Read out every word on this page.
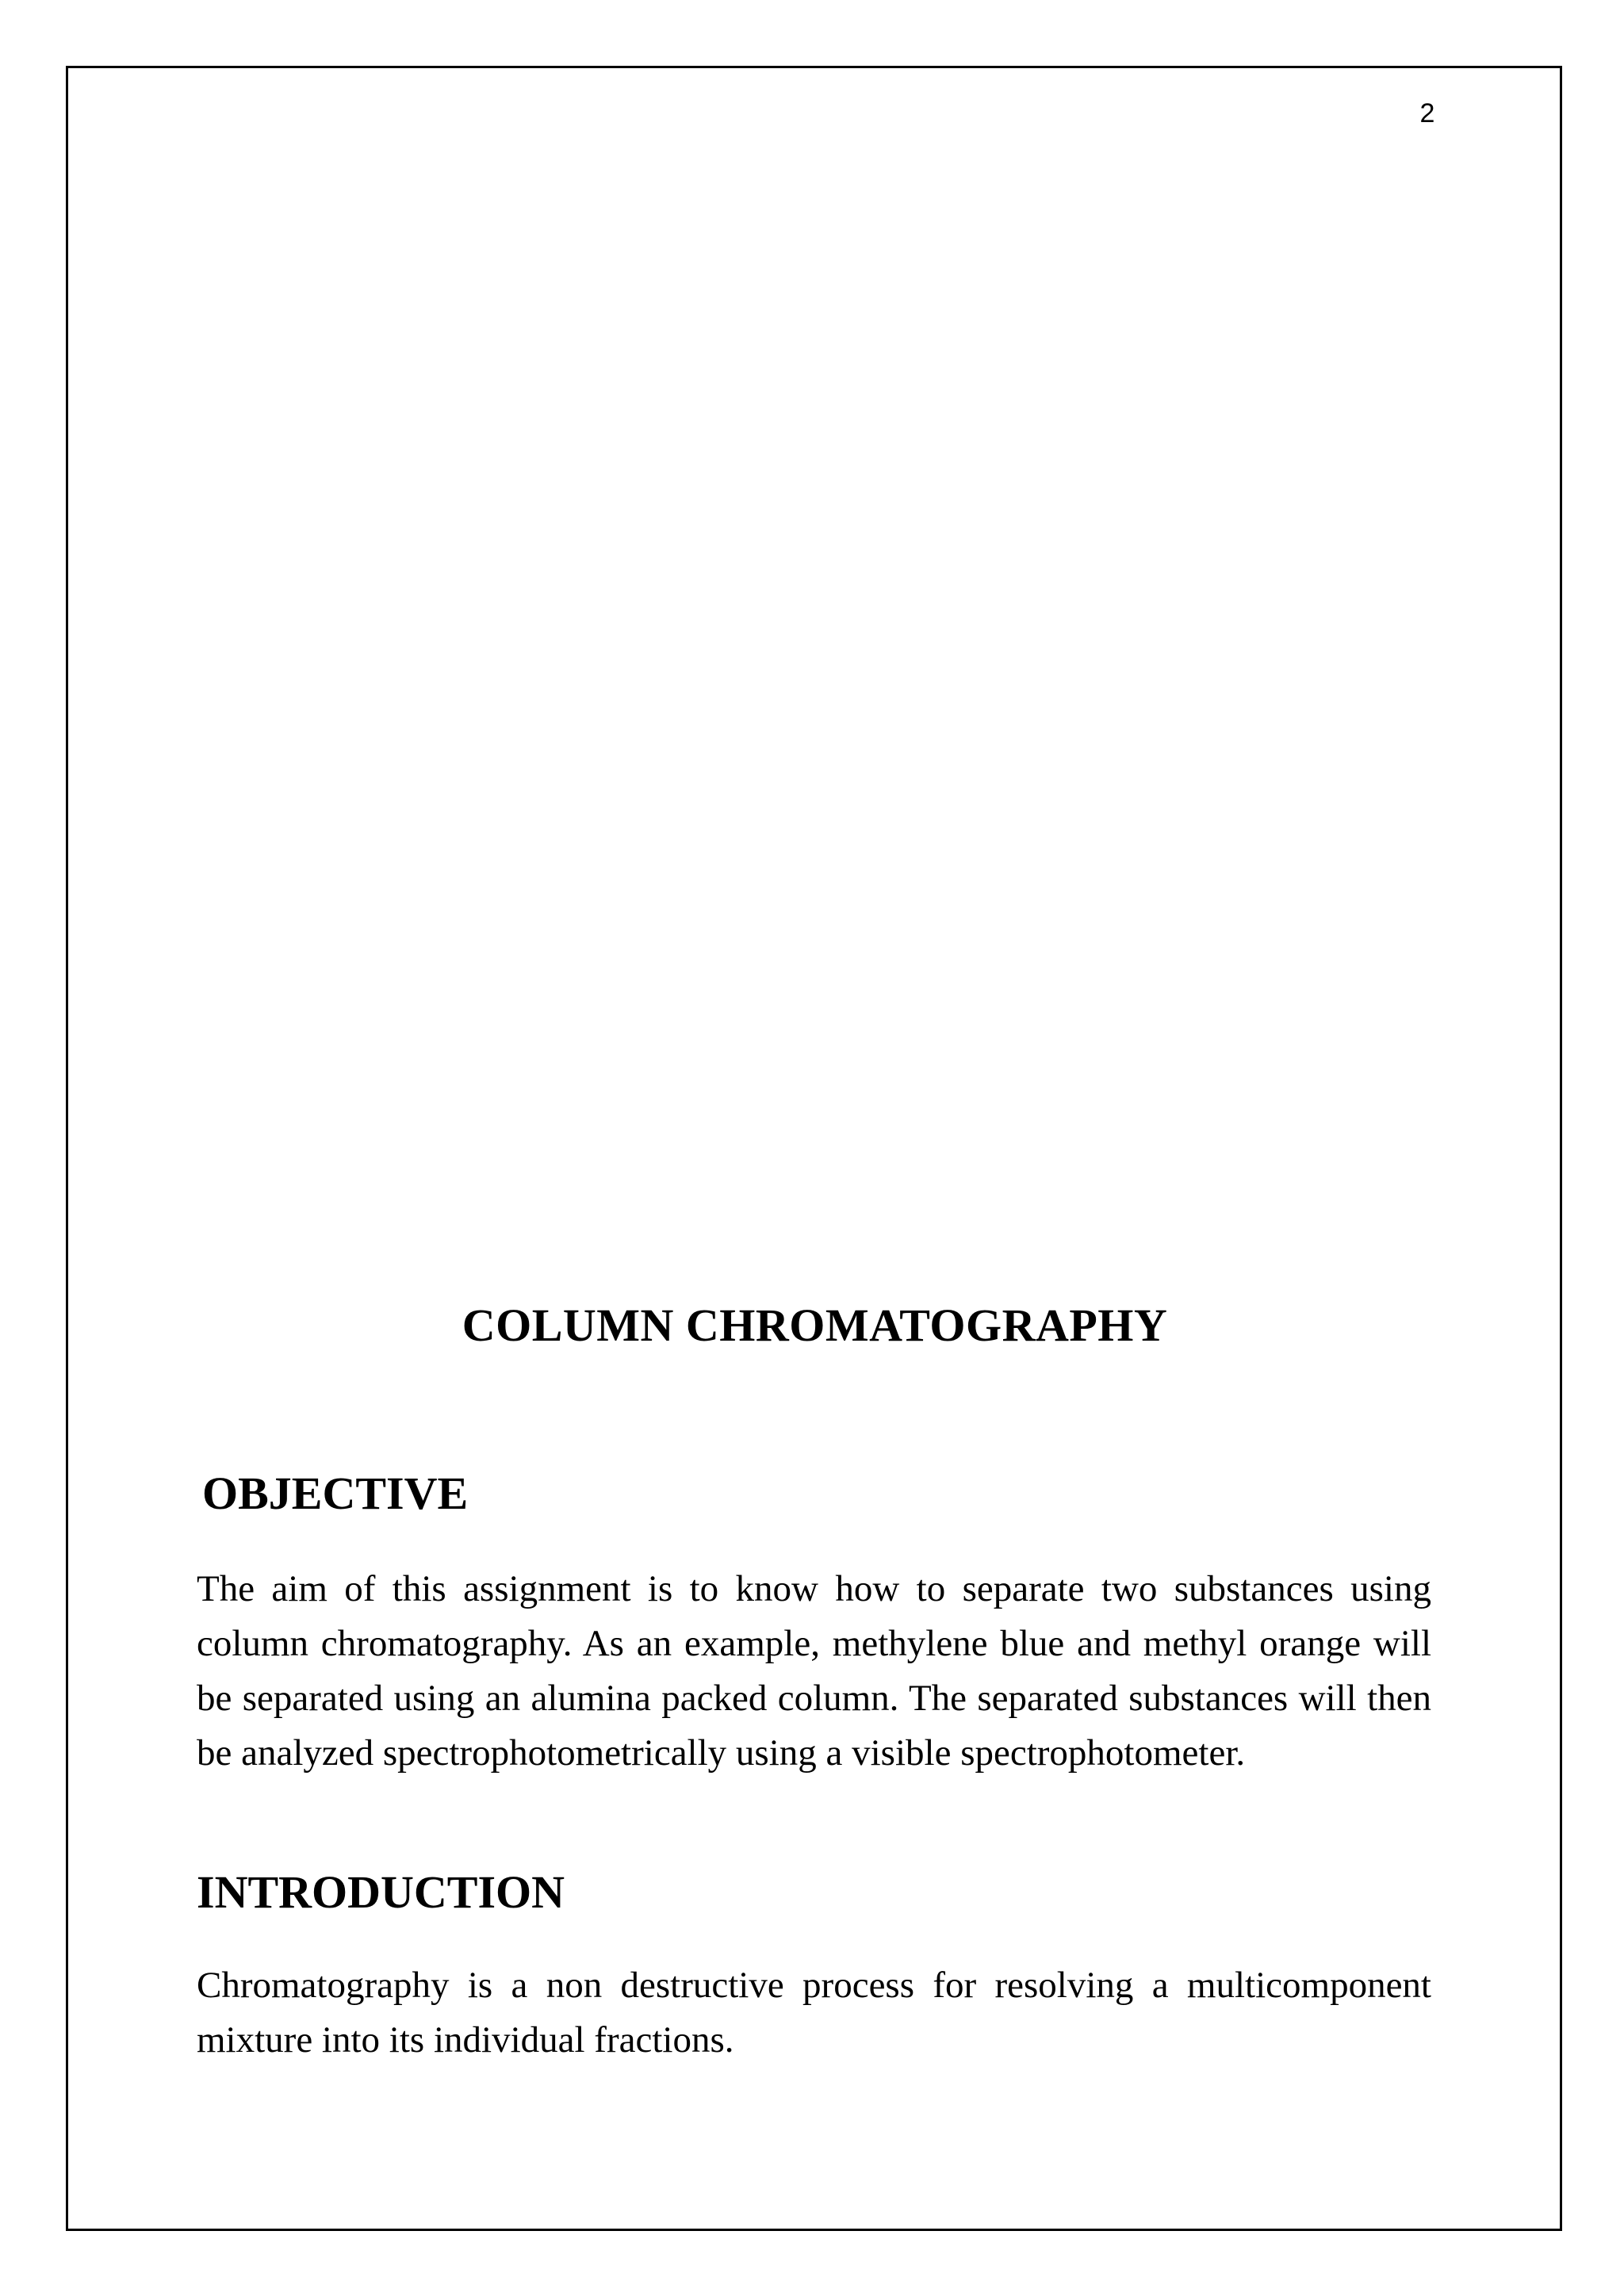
2
COLUMN CHROMATOGRAPHY
OBJECTIVE

The aim of this assignment is to know how to separate two substances using column chromatography. As an example, methylene blue and methyl orange will be separated using an alumina packed column. The separated substances will then be analyzed spectrophotometrically using a visible spectrophotometer.

INTRODUCTION

Chromatography is a non destructive process for resolving a multicomponent mixture into its individual fractions.
